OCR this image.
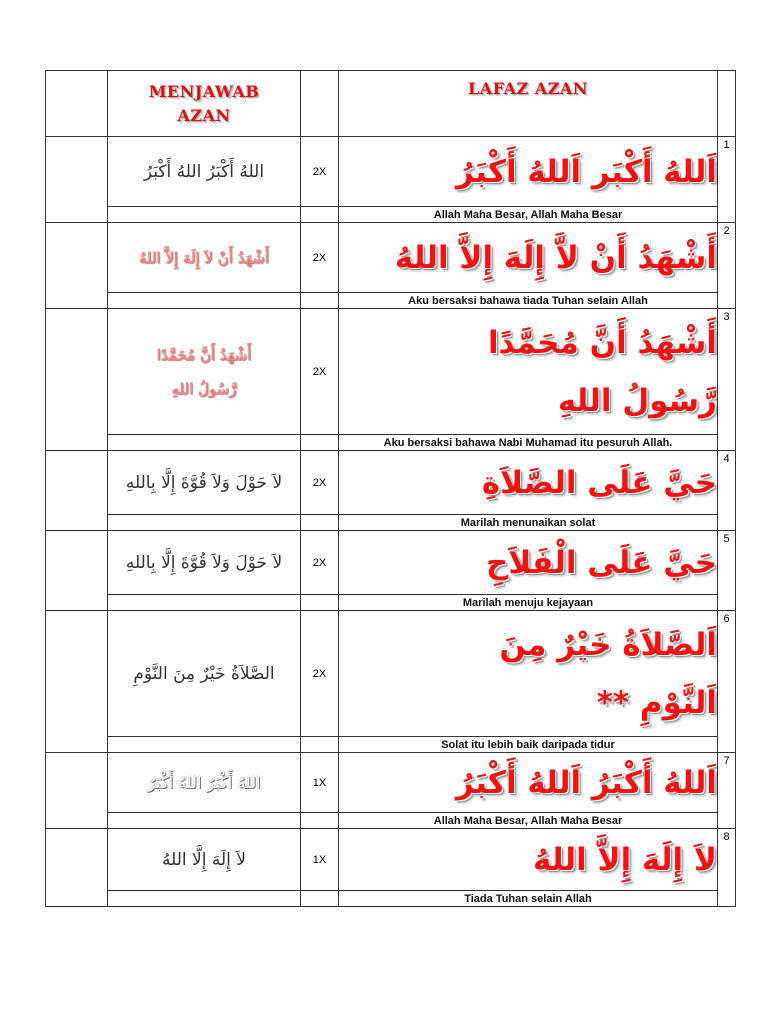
	MENJAWAB AZAN		LAFAZ AZAN	
	اللهُ أَكْبَرُ اللهُ أَكْبَرُ	2X	اَللهُ أَكْبَر اَللهُ أَكْبَرُ	1
			Allah Maha Besar, Allah Maha Besar	
	أَشْهَدُ أَنْ لاَ إِلَهَ إِلاَّ اللهُ	2X	أَشْهَدُ أَنْ لاَّ إِلَهَ إِلاَّ اللهُ	2
			Aku bersaksi bahawa tiada Tuhan selain Allah	
	أَشْهَدُ أَنَّ مُحَمَّدًا رَّسُولُ اللهِ	2X	أَشْهَدُ أَنَّ مُحَمَّدًا رَّسُولُ اللهِ	3
			Aku bersaksi bahawa Nabi Muhamad itu pesuruh Allah.	
	لاَ حَوْلَ وَلاَ قُوَّةَ إِلَّا بِاللهِ	2X	حَيَّ عَلَى الصَّلاَةِ	4
			Marilah menunaikan solat	
	لاَ حَوْلَ وَلاَ قُوَّةَ إِلَّا بِاللهِ	2X	حَيَّ عَلَى الْفَلاَحِ	5
			Marilah menuju kejayaan	
	الصَّلاَةُ خَيْرٌ مِنَ النَّوْمِ	2X	اَلصَّلاَةُ خَيْرٌ مِنَ اَلنَّوْمِ **	6
			Solat itu lebih baik daripada tidur	
	اللهُ أَكْبَرُ اللهُ أَكْبَرُ	1X	اَللهُ أَكْبَرُ اَللهُ أَكْبَرُ	7
			Allah Maha Besar, Allah Maha Besar	
	لاَ إِلَهَ إِلَّا اللهُ	1X	لاَ إِلَهَ إِلاَّ اللهُ	8
			Tiada Tuhan selain Allah	
